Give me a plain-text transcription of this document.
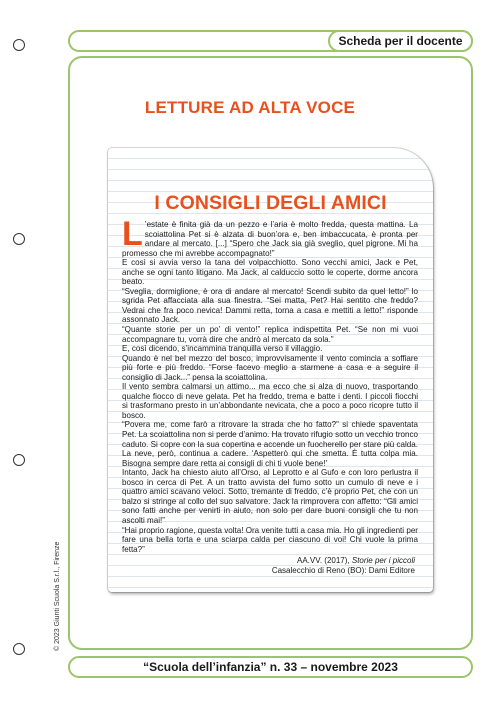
Scheda per il docente
LETTURE AD ALTA VOCE
I CONSIGLI DEGLI AMICI

L ’estate è finita già da un pezzo e l’aria è molto fredda, questa mattina. La scoiattolina Pet si è alzata di buon’ora e, ben imbaccucata, è pronta per andare al mercato. [...] “Spero che Jack sia già sveglio, quel pigrone. Mi ha promesso che mi avrebbe accompagnato!”

E così si avvia verso la tana del volpacchiotto. Sono vecchi amici, Jack e Pet, anche se ogni tanto litigano. Ma Jack, al calduccio sotto le coperte, dorme ancora beato.

“Sveglia, dormiglione, è ora di andare al mercato! Scendi subito da quel letto!” lo sgrida Pet affacciata alla sua finestra. “Sei matta, Pet? Hai sentito che freddo? Vedrai che fra poco nevica! Dammi retta, torna a casa e mettiti a letto!” risponde assonnato Jack.

“Quante storie per un po’ di vento!” replica indispettita Pet. “Se non mi vuoi accompagnare tu, vorrà dire che andrò al mercato da sola.”

E, così dicendo, s’incammina tranquilla verso il villaggio.

Quando è nel bel mezzo del bosco, improvvisamente il vento comincia a soffiare più forte e più freddo. “Forse facevo meglio a starmene a casa e a seguire il consiglio di Jack...” pensa la scoiattolina.

Il vento sembra calmarsi un attimo... ma ecco che si alza di nuovo, trasportando qualche fiocco di neve gelata. Pet ha freddo, trema e batte i denti. I piccoli fiocchi si trasformano presto in un’abbondante nevicata, che a poco a poco ricopre tutto il bosco.

“Povera me, come farò a ritrovare la strada che ho fatto?” si chiede spaventata Pet. La scoiattolina non si perde d’animo. Ha trovato rifugio sotto un vecchio tronco caduto. Si copre con la sua copertina e accende un fuocherello per stare più calda. La neve, però, continua a cadere. ‘Aspetterò qui che smetta. È tutta colpa mia. Bisogna sempre dare retta ai consigli di chi ti vuole bene!’

Intanto, Jack ha chiesto aiuto all’Orso, al Leprotto e al Gufo e con loro perlustra il bosco in cerca di Pet. A un tratto avvista del fumo sotto un cumulo di neve e i quattro amici scavano veloci. Sotto, tremante di freddo, c’è proprio Pet, che con un balzo si stringe al collo del suo salvatore. Jack la rimprovera con affetto: “Gli amici sono fatti anche per venirti in aiuto, non solo per dare buoni consigli che tu non ascolti mai!”

“Hai proprio ragione, questa volta! Ora venite tutti a casa mia. Ho gli ingredienti per fare una bella torta e una sciarpa calda per ciascuno di voi! Chi vuole la prima fetta?”

AA.VV. (2017), Storie per i piccoli
Casalecchio di Reno (BO): Dami Editore
© 2023 Giunti Scuola S.r.l., Firenze
“Scuola dell’infanzia” n. 33 – novembre 2023
